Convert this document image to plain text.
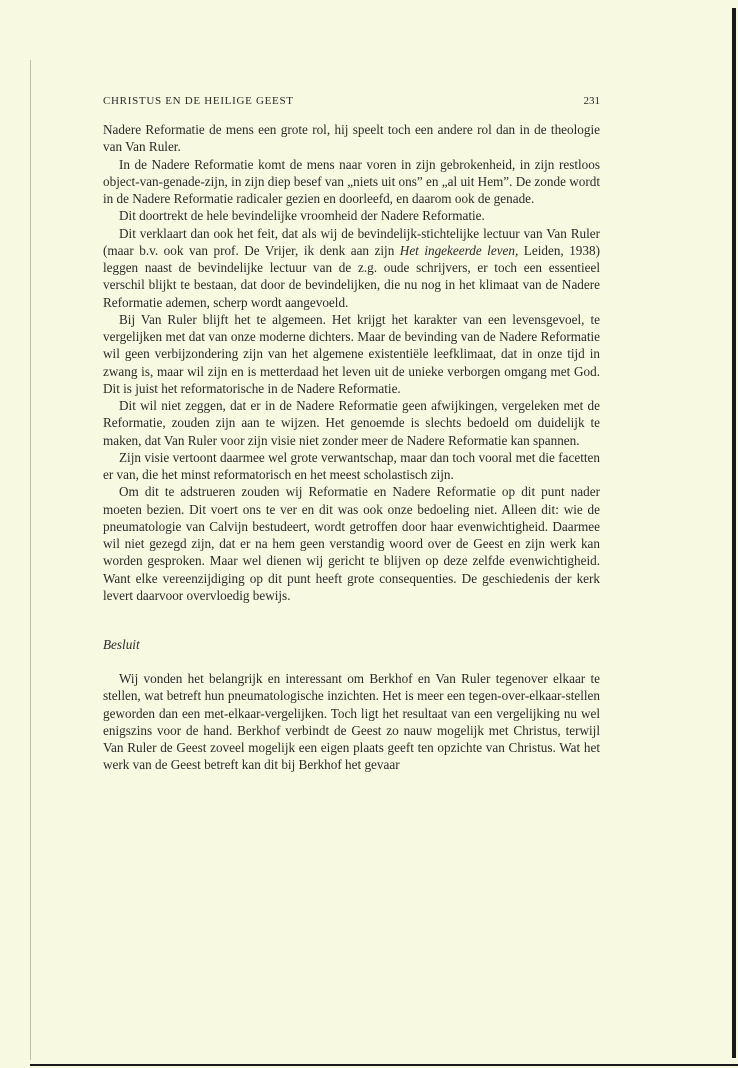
CHRISTUS EN DE HEILIGE GEEST	231

Nadere Reformatie de mens een grote rol, hij speelt toch een andere rol dan in de theologie van Van Ruler.

In de Nadere Reformatie komt de mens naar voren in zijn gebrokenheid, in zijn restloos object-van-genade-zijn, in zijn diep besef van „niets uit ons” en „al uit Hem”. De zonde wordt in de Nadere Reformatie radicaler gezien en doorleefd, en daarom ook de genade.

Dit doortrekt de hele bevindelijke vroomheid der Nadere Reformatie.

Dit verklaart dan ook het feit, dat als wij de bevindelijk-stichtelijke lectuur van Van Ruler (maar b.v. ook van prof. De Vrijer, ik denk aan zijn Het ingekeerde leven, Leiden, 1938) leggen naast de bevindelijke lectuur van de z.g. oude schrijvers, er toch een essentieel verschil blijkt te bestaan, dat door de bevindelijken, die nu nog in het klimaat van de Nadere Reformatie ademen, scherp wordt aangevoeld.

Bij Van Ruler blijft het te algemeen. Het krijgt het karakter van een levensgevoel, te vergelijken met dat van onze moderne dichters. Maar de bevinding van de Nadere Reformatie wil geen verbijzondering zijn van het algemene existentiële leefklimaat, dat in onze tijd in zwang is, maar wil zijn en is metterdaad het leven uit de unieke verborgen omgang met God. Dit is juist het reformatorische in de Nadere Reformatie.

Dit wil niet zeggen, dat er in de Nadere Reformatie geen afwijkingen, vergeleken met de Reformatie, zouden zijn aan te wijzen. Het genoemde is slechts bedoeld om duidelijk te maken, dat Van Ruler voor zijn visie niet zonder meer de Nadere Reformatie kan spannen.

Zijn visie vertoont daarmee wel grote verwantschap, maar dan toch vooral met die facetten er van, die het minst reformatorisch en het meest scholastisch zijn.

Om dit te adstrueren zouden wij Reformatie en Nadere Reformatie op dit punt nader moeten bezien. Dit voert ons te ver en dit was ook onze bedoeling niet. Alleen dit: wie de pneumatologie van Calvijn bestudeert, wordt getroffen door haar evenwichtigheid. Daarmee wil niet gezegd zijn, dat er na hem geen verstandig woord over de Geest en zijn werk kan worden gesproken. Maar wel dienen wij gericht te blijven op deze zelfde evenwichtigheid. Want elke vereenzijdiging op dit punt heeft grote consequenties. De geschiedenis der kerk levert daarvoor overvloedig bewijs.

Besluit

Wij vonden het belangrijk en interessant om Berkhof en Van Ruler tegenover elkaar te stellen, wat betreft hun pneumatologische inzichten. Het is meer een tegen-over-elkaar-stellen geworden dan een met-elkaar-vergelijken. Toch ligt het resultaat van een vergelijking nu wel enigszins voor de hand. Berkhof verbindt de Geest zo nauw mogelijk met Christus, terwijl Van Ruler de Geest zoveel mogelijk een eigen plaats geeft ten opzichte van Christus. Wat het werk van de Geest betreft kan dit bij Berkhof het gevaar
